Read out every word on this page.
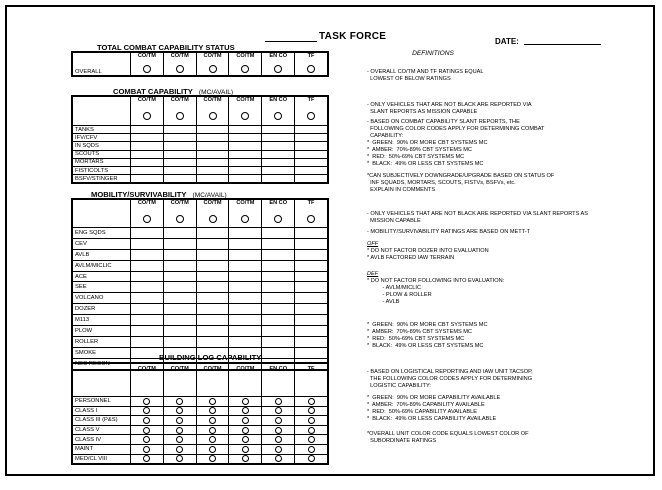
TASK FORCE	DATE:
TOTAL COMBAT CAPABILITY STATUS
	CO/TM	CO/TM	CO/TM	CO/TM	EN CO	TF
OVERALL						
COMBAT CAPABILITY (MC/AVAIL)
	CO/TM	CO/TM	CO/TM	CO/TM	EN CO	TF

TANKS						
IFV/CFV						
IN SQDS						
SCOUTS						
MORTARS						
FISTICOLTS						
BSFV/STINGER						
MOBILITY/SURVIVABILITY (MC/AVAIL)
	CO/TM	CO/TM	CO/TM	CO/TM	EN CO	TF

ENG SQDS						
CEV						
AVLB						
AVLM/MICLIC						
ACE						
SEE						
VOLCANO						
DOZER						
M113						
PLOW						
ROLLER						
SMOKE						
NBC RECON						
BUILDING LOG CAPABILITY
	CO/TM	CO/TM	CO/TM	CO/TM	EN CO	TF
PERSONNEL						
CLASS I						
CLASS III (P&S)						
CLASS V						
CLASS IV						
MAINT						
MED/CL VIII						
DEFINITIONS
- OVERALL CO/TM AND TF RATINGS EQUAL
LOWEST OF BELOW RATINGS
- ONLY VEHICLES THAT ARE NOT BLACK ARE REPORTED VIA
SLANT REPORTS AS MISSION CAPABLE
- BASED ON COMBAT CAPABILITY SLANT REPORTS, THE
FOLLOWING COLOR CODES APPLY FOR DETERMINING COMBAT
CAPABILITY:
*  GREEN:  90% OR MORE CBT SYSTEMS MC
*  AMBER:  70%-89% CBT SYSTEMS MC
*  RED:  50%-69% CBT SYSTEMS MC
*  BLACK:  49% OR LESS CBT SYSTEMS MC
*CAN SUBJECTIVELY DOWNGRADE/UPGRADE BASED ON STATUS OF
INF SQUADS, MORTARS, SCOUTS, FISTVs, BSFVs, etc.
EXPLAIN IN COMMENTS
- ONLY VEHICLES THAT ARE NOT BLACK ARE REPORTED VIA SLANT REPORTS AS
MISSION CAPABLE
- MOBILITY/SURVIVABILITY RATINGS ARE BASED ON METT-T
OFF
* DO NOT FACTOR DOZER INTO EVALUATION
* AVLB FACTORED IAW TERRAIN
DEF
* DO NOT FACTOR FOLLOWING INTO EVALUATION:
- AVLM/MICLIC
- PLOW & ROLLER
- AVLB
*  GREEN:  90% OR MORE CBT SYSTEMS MC
*  AMBER:  70%-89% CBT SYSTEMS MC
*  RED:  50%-69% CBT SYSTEMS MC
*  BLACK:  49% OR LESS CBT SYSTEMS MC
- BASED ON LOGISTICAL REPORTING AND IAW UNIT TACSOP,
THE FOLLOWING COLOR CODES APPLY FOR DETERMINING
LOGISTIC CAPABILITY:
*  GREEN:  90% OR MORE CAPABILITY AVAILABLE
*  AMBER:  70%-89% CAPABILITY AVAILABLE
*  RED:  50%-69% CAPABILITY AVAILABLE
*  BLACK:  49% OR LESS CAPABILITY AVAILABLE
*OVERALL UNIT COLOR CODE EQUALS LOWEST COLOR OF
SUBORDINATE RATINGS
